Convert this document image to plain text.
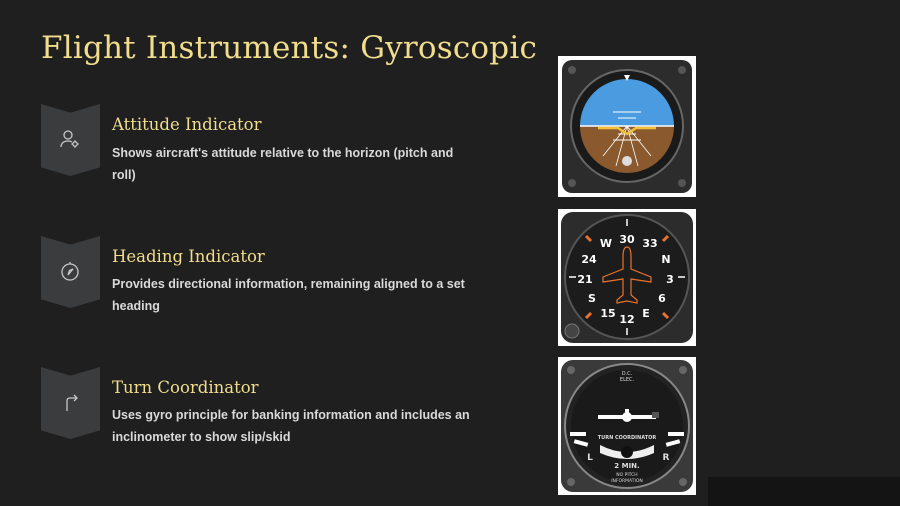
Flight Instruments: Gyroscopic
Attitude Indicator

Shows aircraft's attitude relative to the horizon (pitch and roll)

Heading Indicator

Provides directional information, remaining aligned to a set heading

Turn Coordinator

Uses gyro principle for banking information and includes an inclinometer to show slip/skid

30 33
N
3
6
E
12
15
S
21
24
W
D.C.
ELEC.
TURN COORDINATOR
L	R
2 MIN.
NO PITCH
INFORMATION
